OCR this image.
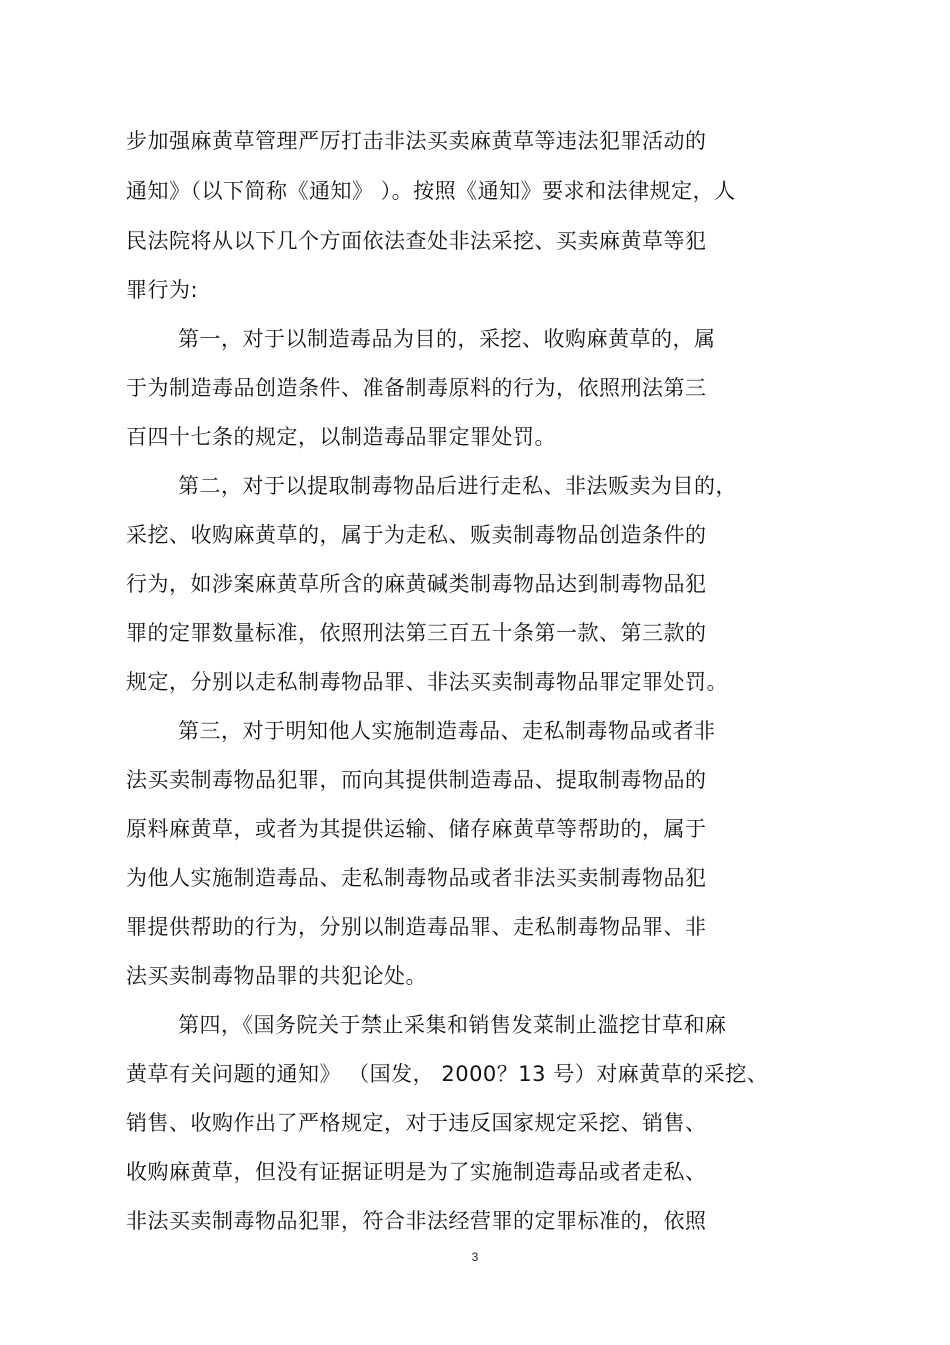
步加强麻黄草管理严厉打击非法买卖麻黄草等违法犯罪活动的
通知》（以下简称《通知》 ）。按照《通知》要求和法律规定，人
民法院将从以下几个方面依法查处非法采挖、买卖麻黄草等犯
罪行为:
第一，对于以制造毒品为目的，采挖、收购麻黄草的，属
于为制造毒品创造条件、准备制毒原料的行为，依照刑法第三
百四十七条的规定，以制造毒品罪定罪处罚。
第二，对于以提取制毒物品后进行走私、非法贩卖为目的，
采挖、收购麻黄草的，属于为走私、贩卖制毒物品创造条件的
行为，如涉案麻黄草所含的麻黄碱类制毒物品达到制毒物品犯
罪的定罪数量标准，依照刑法第三百五十条第一款、第三款的
规定，分别以走私制毒物品罪、非法买卖制毒物品罪定罪处罚。
第三，对于明知他人实施制造毒品、走私制毒物品或者非
法买卖制毒物品犯罪，而向其提供制造毒品、提取制毒物品的
原料麻黄草，或者为其提供运输、储存麻黄草等帮助的，属于
为他人实施制造毒品、走私制毒物品或者非法买卖制毒物品犯
罪提供帮助的行为，分别以制造毒品罪、走私制毒物品罪、非
法买卖制毒物品罪的共犯论处。
第四，《国务院关于禁止采集和销售发菜制止滥挖甘草和麻
黄草有关问题的通知》 （国发， 2000？13 号）对麻黄草的采挖、
销售、收购作出了严格规定，对于违反国家规定采挖、销售、
收购麻黄草，但没有证据证明是为了实施制造毒品或者走私、
非法买卖制毒物品犯罪，符合非法经营罪的定罪标准的，依照
3
